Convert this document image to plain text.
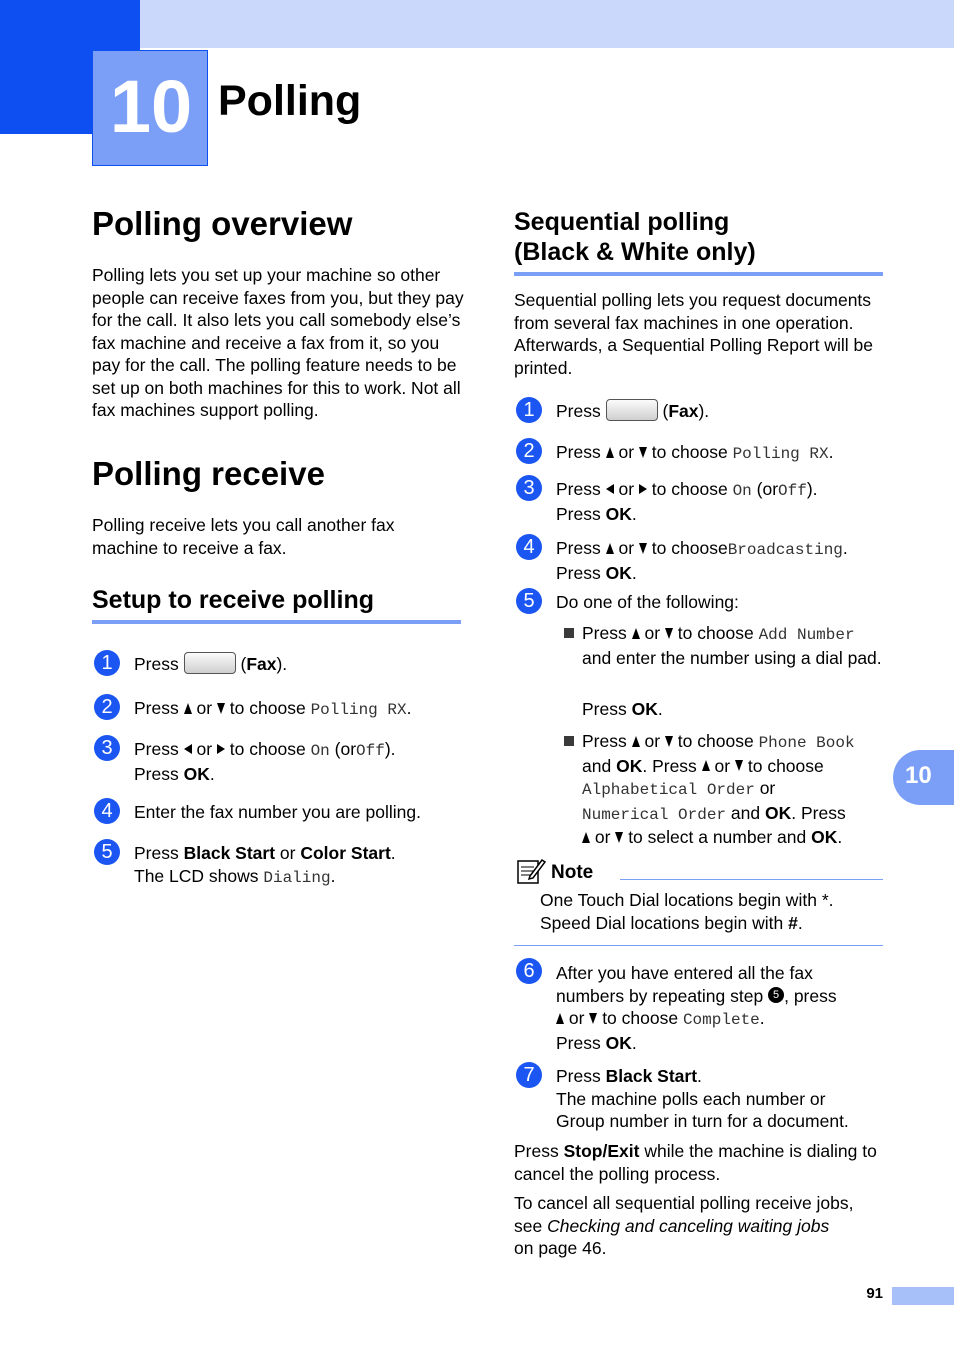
10 Polling
10
Polling overview

Polling lets you set up your machine so other people can receive faxes from you, but they pay for the call. It also lets you call somebody else’s fax machine and receive a fax from it, so you pay for the call. The polling feature needs to be set up on both machines for this to work. Not all fax machines support polling.

Polling receive

Polling receive lets you call another fax machine to receive a fax.

Setup to receive polling
1	Press	(Fax).
2	Press or to choose Polling RX.
3	Press or to choose On (orOff).
Press OK.
4	Enter the fax number you are polling.
5	Press Black Start or Color Start.
The LCD shows Dialing.
Sequential polling
(Black & White only)

Sequential polling lets you request documents from several fax machines in one operation. Afterwards, a Sequential Polling Report will be printed.

1	Press	(Fax).
2	Press or to choose Polling RX.
3	Press or to choose On (orOff).
Press OK.
4	Press or to chooseBroadcasting.
Press OK.
5	Do one of the following:
Press or to choose Add Number and enter the number using a dial pad.
Press OK.
Press or to choose Phone Book
and OK. Press or to choose
Alphabetical Order or
Numerical Order and OK. Press
or to select a number and OK.
Note
One Touch Dial locations begin with *.
Speed Dial locations begin with #.
6	After you have entered all the fax
numbers by repeating step 5 , press
or to choose Complete.
Press OK.
7	Press Black Start.
The machine polls each number or
Group number in turn for a document.

Press Stop/Exit while the machine is dialing to cancel the polling process.

To cancel all sequential polling receive jobs, see Checking and canceling waiting jobs
on page 46.

91
